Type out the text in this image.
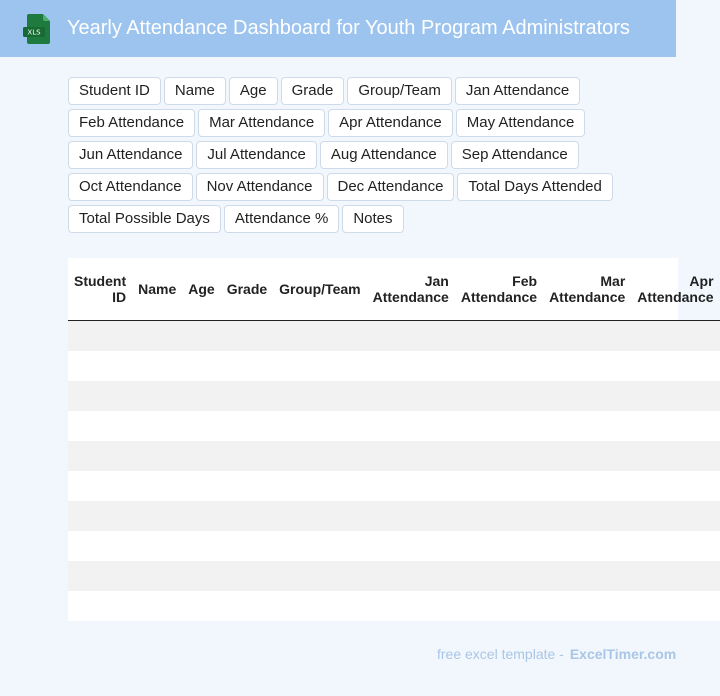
XLS Yearly Attendance Dashboard for Youth Program Administrators
Student ID	Name	Age	Grade	Group/Team	Jan Attendance
Feb Attendance	Mar Attendance	Apr Attendance	May Attendance
Jun Attendance	Jul Attendance	Aug Attendance	Sep Attendance
Oct Attendance	Nov Attendance	Dec Attendance	Total Days Attended
Total Possible Days	Attendance %	Notes
Student ID	Name	Age	Grade	Group/Team	Jan Attendance	Feb Attendance	Mar Attendance	Apr Attendance

free excel template - ExcelTimer.com
